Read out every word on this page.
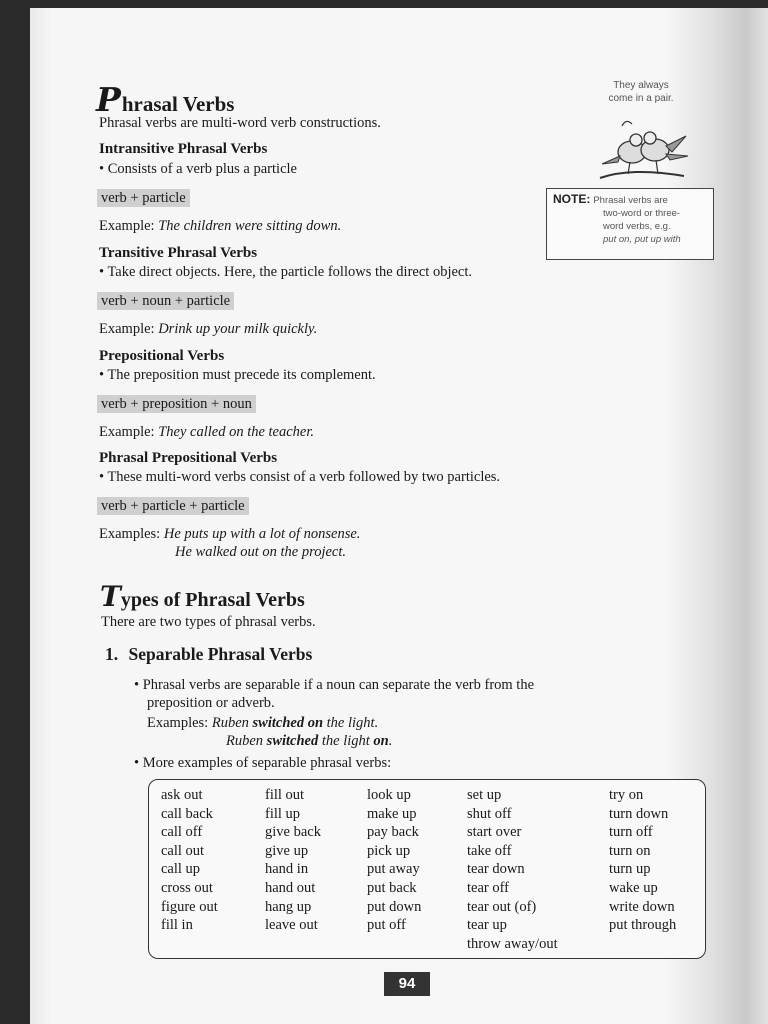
Phrasal Verbs
Phrasal verbs are multi-word verb constructions.
Intransitive Phrasal Verbs
• Consists of a verb plus a particle
verb + particle
Example: The children were sitting down.
Transitive Phrasal Verbs
• Take direct objects. Here, the particle follows the direct object.
verb + noun + particle
Example: Drink up your milk quickly.
Prepositional Verbs
• The preposition must precede its complement.
verb + preposition + noun
Example: They called on the teacher.
Phrasal Prepositional Verbs
• These multi-word verbs consist of a verb followed by two particles.
verb + particle + particle
Examples: He puts up with a lot of nonsense.
He walked out on the project.
They always
come in a pair.
NOTE: Phrasal verbs are
two-word or three-
word verbs, e.g.
put on, put up with
Types of Phrasal Verbs
There are two types of phrasal verbs.
1. Separable Phrasal Verbs
• Phrasal verbs are separable if a noun can separate the verb from the
preposition or adverb.
Examples: Ruben switched on the light.
Ruben switched the light on.
• More examples of separable phrasal verbs:
ask out
call back
call off
call out
call up
cross out
figure out
fill in
fill out
fill up
give back
give up
hand in
hand out
hang up
leave out
look up
make up
pay back
pick up
put away
put back
put down
put off
set up
shut off
start over
take off
tear down
tear off
tear out (of)
tear up
throw away/out
try on
turn down
turn off
turn on
turn up
wake up
write down
put through
94
